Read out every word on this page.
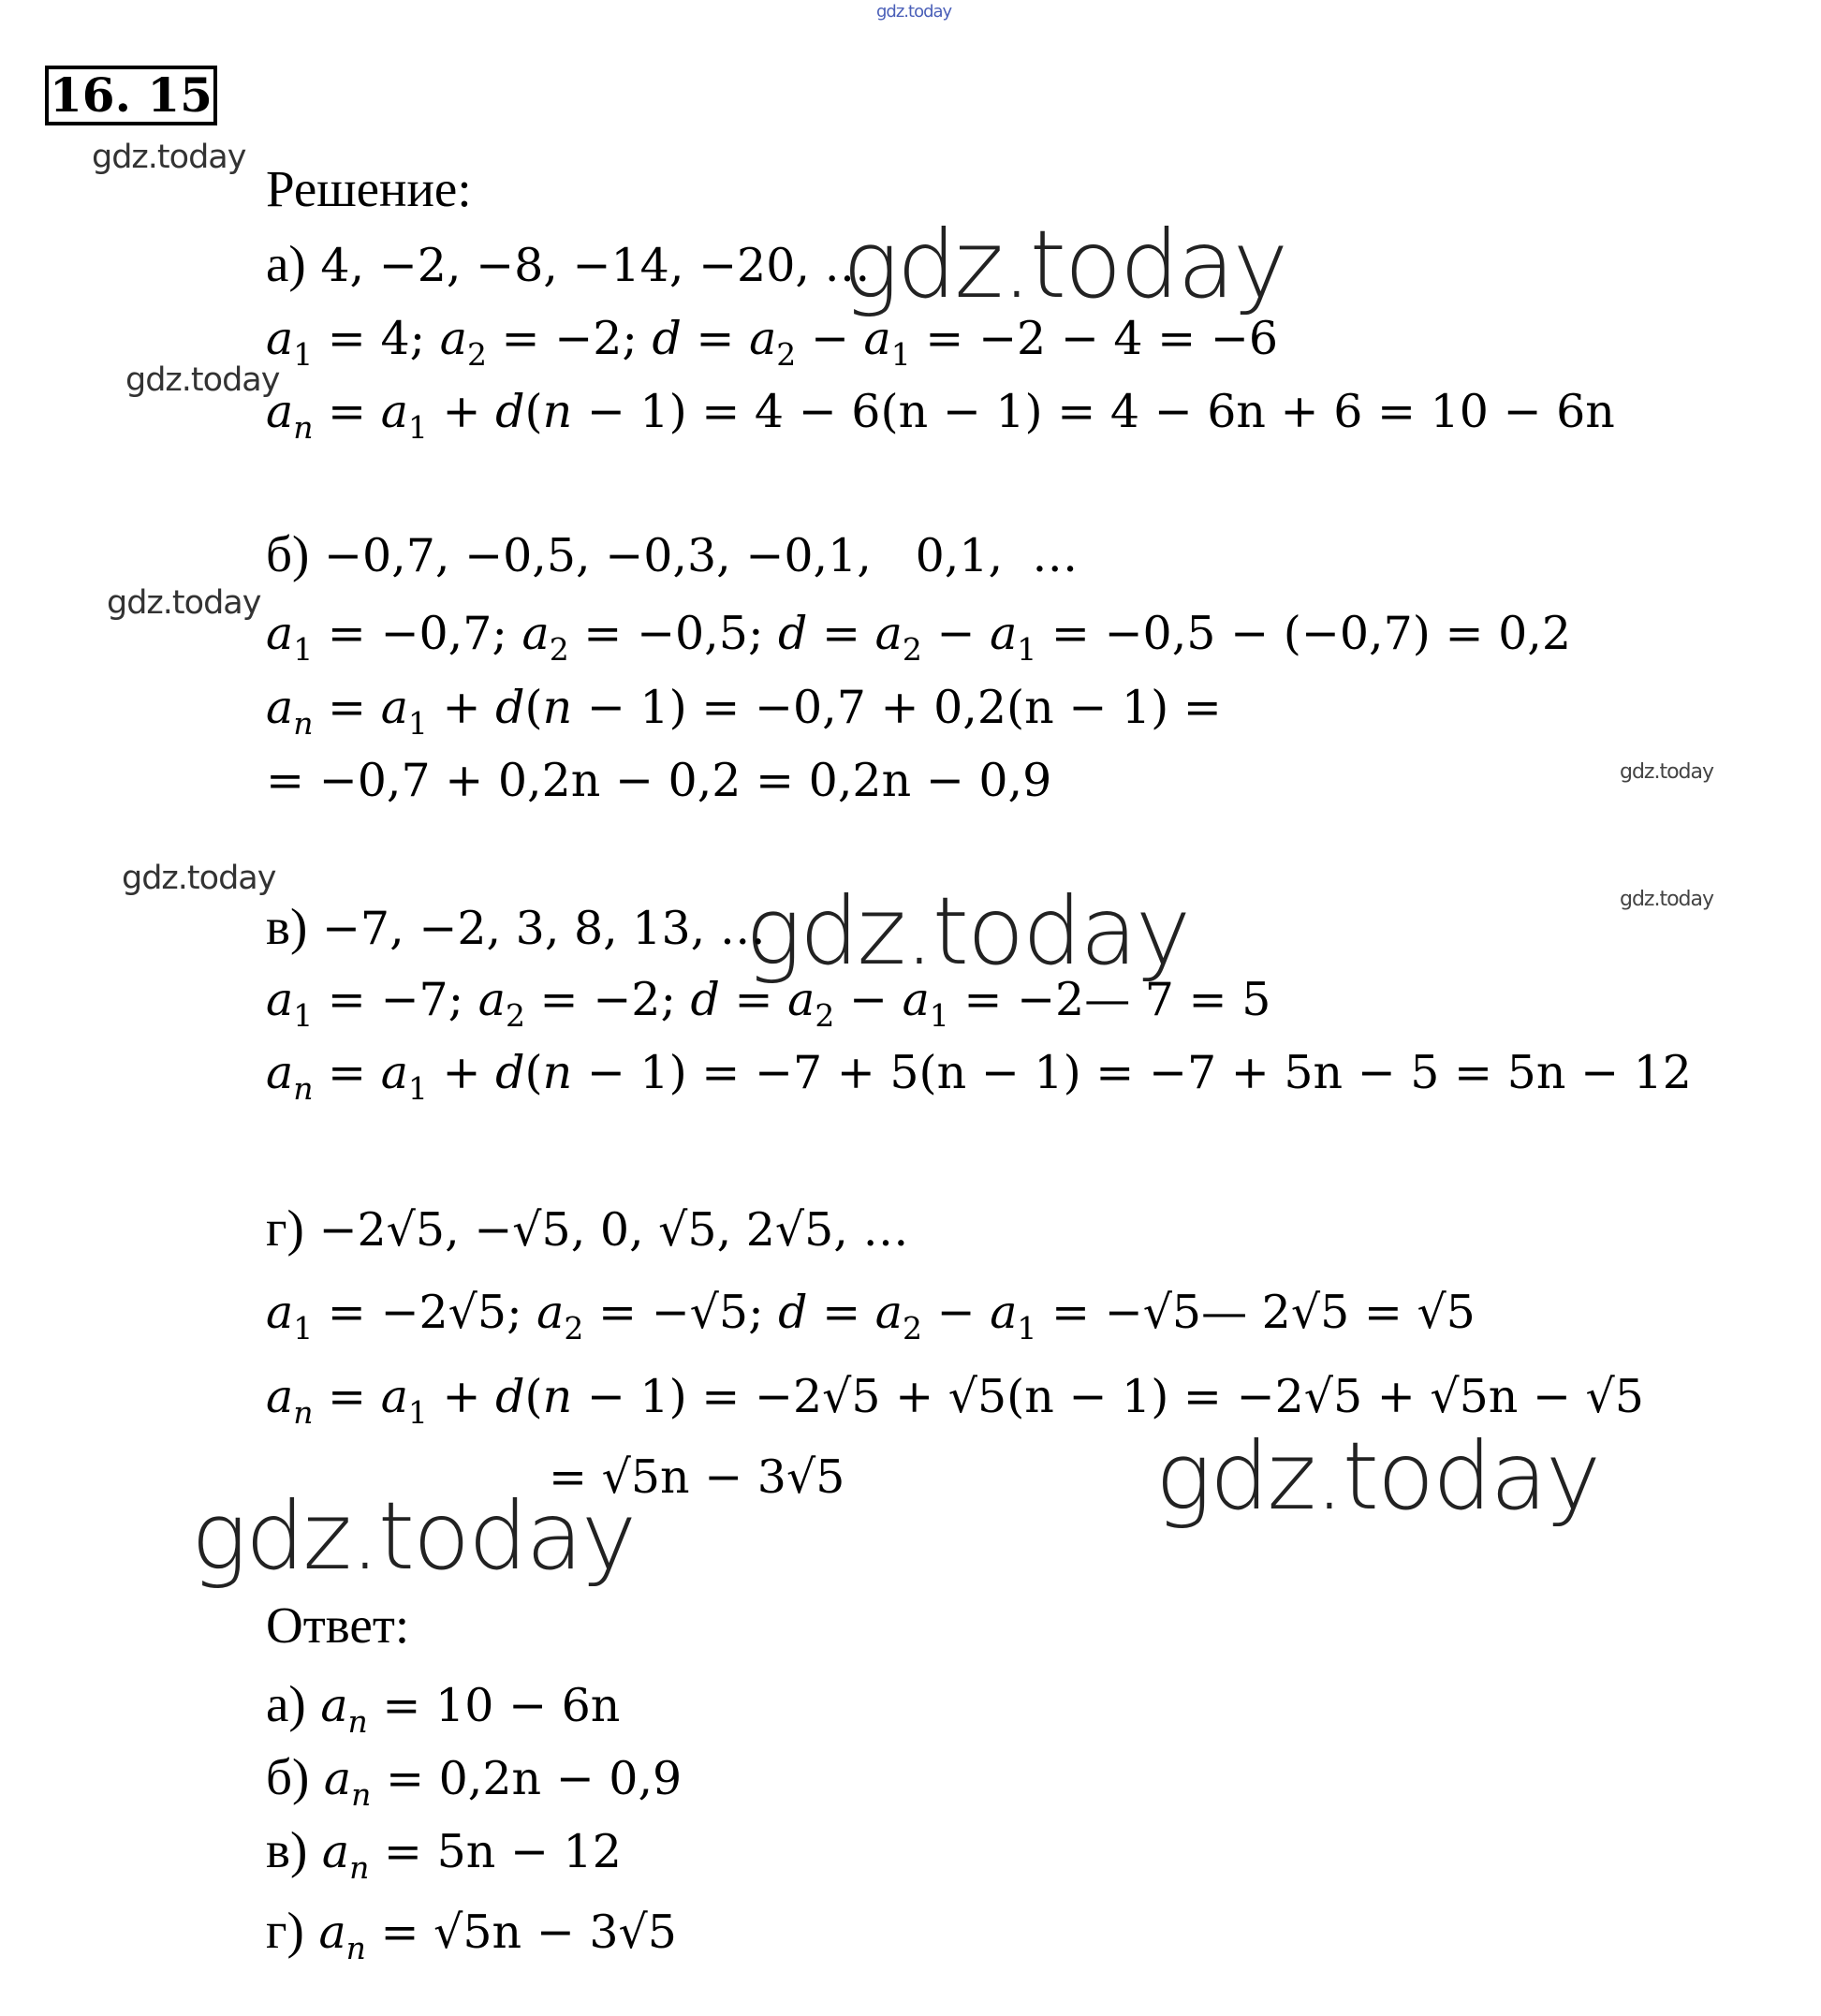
gdz.today
16. 15
gdz.today
gdz.today
gdz.today
gdz.today
gdz.today
gdz.today
gdz.today
gdz.today
gdz.today
gdz.today
Решение:
а) 4, −2, −8, −14, −20, …
$a_1 = 4$; $a_2 = -2$; $d = a_2 - a_1 = -2 - 4 = -6$
$a_n = a_1 + d(n - 1) = 4 - 6(n - 1) = 4 - 6n + 6 = 10 - 6n$
б) −0,7, −0,5, −0,3, −0,1,   0,1,  …
$a_1 = -0,7$; $a_2 = -0,5$; $d = a_2 - a_1 = -0,5 - (-0,7) = 0,2$
$a_n = a_1 + d(n - 1) = -0,7 + 0,2(n - 1)$ =
= −0,7 + 0,2n − 0,2 = 0,2n − 0,9
в) −7, −2, 3, 8, 13, …
$a_1 = -7$; $a_2 = -2$; $d = a_2 - a_1$ = −2— 7 = 5
$a_n = a_1 + d(n - 1) = -7 + 5(n - 1) = -7 + 5n - 5 = 5n - 12$
г) −2√5, −√5, 0, √5, 2√5, …
$a_1 = -2√5$; $a_2 = -√5$; $d = a_2 - a_1$ = −√5— 2√5 = √5
$a_n = a_1 + d(n - 1) = -2√5 + √5(n - 1) = -2√5 + √5n - √5$
= √5n − 3√5
Ответ:
а) $a_n = 10 - 6n$
б) $a_n = 0,2n - 0,9$
в) $a_n = 5n - 12$
г) $a_n = √5n - 3√5$
